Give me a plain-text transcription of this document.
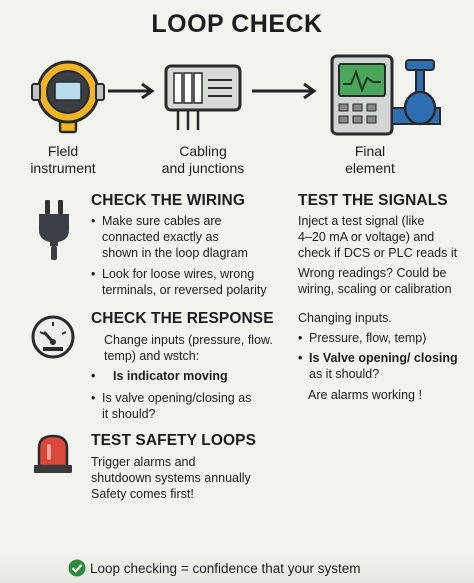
LOOP CHECK
Fleld
instrument
Cabling
and junctions
Final
element
CHECK THE WIRING
• Make sure cables are
connacted exactly as
shown in the loop dlagram
• Look for loose wires, wrong
terminals, or reversed polarity
TEST THE SIGNALS
Inject a test signal (like
4–20 mA or voltage) and
check if DCS or PLC reads it
Wrong readings? Could be
wiring, scaling or calibration
CHECK THE RESPONSE
Change inputs (pressure, flow.
temp) and wstch:
• Is indicator moving
• Is valve opening/closing as
it should?
Changing inputs.
• Pressure, flow, temp)
• Is Valve opening/ closing
as it should?
Are alarms working !
TEST SAFETY LOOPS
Trigger alarms and
shutdoown systems annually
Safety comes first!
Loop checking = confidence that your system
